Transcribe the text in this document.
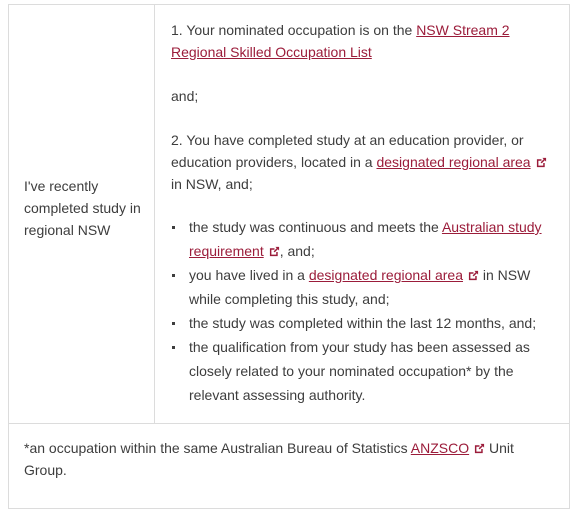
I've recently completed study in regional NSW

1. Your nominated occupation is on the NSW Stream 2 Regional Skilled Occupation List

and;

2. You have completed study at an education provider, or education providers, located in a designated regional area in NSW, and;

the study was continuous and meets the Australian study requirement , and;
you have lived in a designated regional area in NSW while completing this study, and;
the study was completed within the last 12 months, and;
the qualification from your study has been assessed as closely related to your nominated occupation* by the relevant assessing authority.
*an occupation within the same Australian Bureau of Statistics ANZSCO Unit Group.
